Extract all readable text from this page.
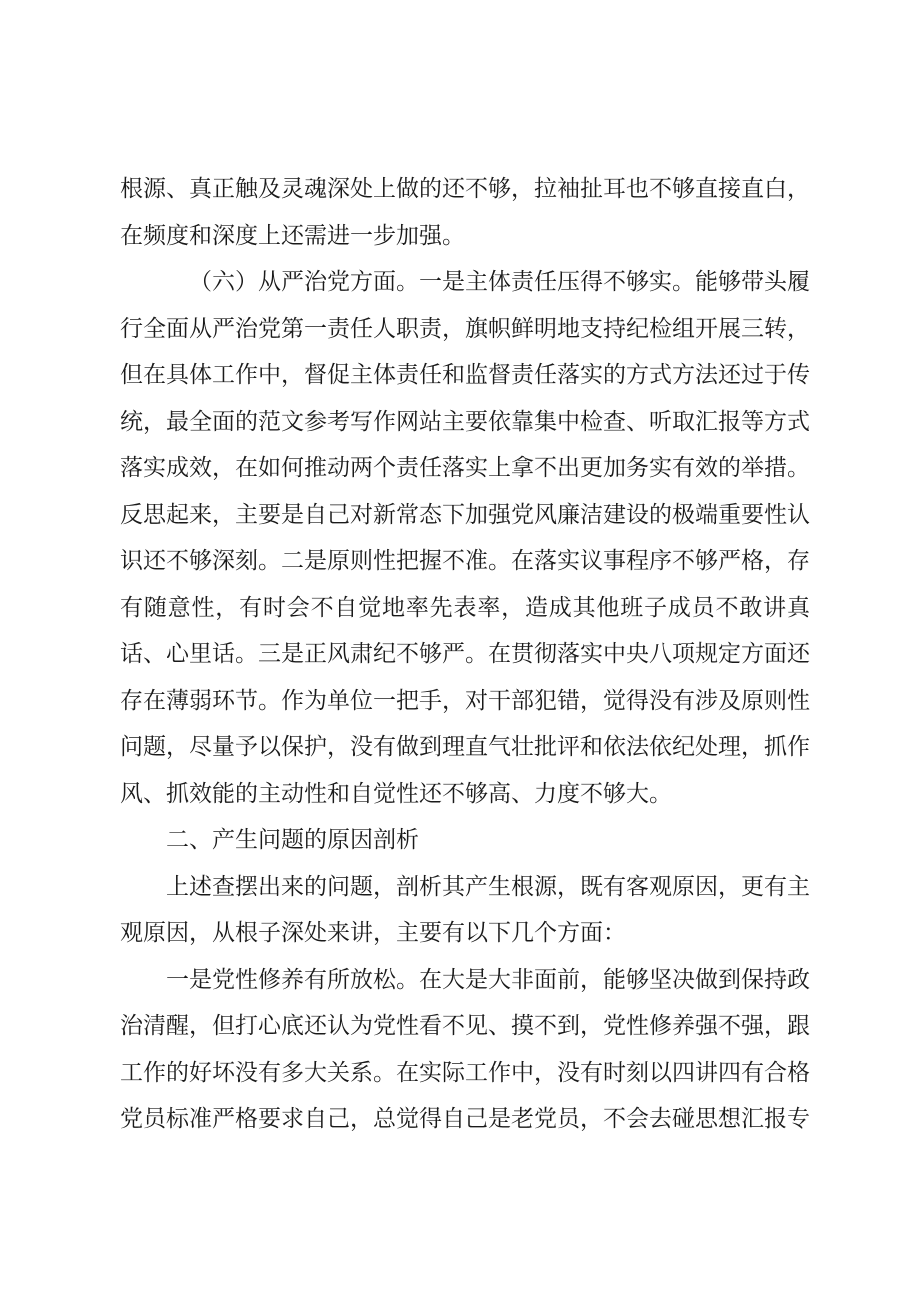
根源、真正触及灵魂深处上做的还不够，拉袖扯耳也不够直接直白，在频度和深度上还需进一步加强。

（六）从严治党方面。一是主体责任压得不够实。能够带头履行全面从严治党第一责任人职责，旗帜鲜明地支持纪检组开展三转，但在具体工作中，督促主体责任和监督责任落实的方式方法还过于传统，最全面的范文参考写作网站主要依靠集中检查、听取汇报等方式落实成效，在如何推动两个责任落实上拿不出更加务实有效的举措。反思起来，主要是自己对新常态下加强党风廉洁建设的极端重要性认识还不够深刻。二是原则性把握不准。在落实议事程序不够严格，存有随意性，有时会不自觉地率先表率，造成其他班子成员不敢讲真话、心里话。三是正风肃纪不够严。在贯彻落实中央八项规定方面还存在薄弱环节。作为单位一把手，对干部犯错，觉得没有涉及原则性问题，尽量予以保护，没有做到理直气壮批评和依法依纪处理，抓作风、抓效能的主动性和自觉性还不够高、力度不够大。

二、产生问题的原因剖析

上述查摆出来的问题，剖析其产生根源，既有客观原因，更有主观原因，从根子深处来讲，主要有以下几个方面：

一是党性修养有所放松。在大是大非面前，能够坚决做到保持政治清醒，但打心底还认为党性看不见、摸不到，党性修养强不强，跟工作的好坏没有多大关系。在实际工作中，没有时刻以四讲四有合格党员标准严格要求自己，总觉得自己是老党员，不会去碰思想汇报专
